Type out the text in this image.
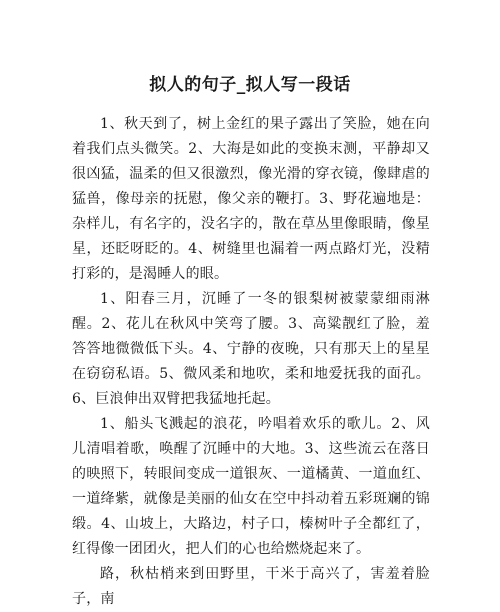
拟人的句子_拟人写一段话

1、秋天到了，树上金红的果子露出了笑脸，她在向着我们点头微笑。2、大海是如此的变换末测，平静却又很凶猛，温柔的但又很激烈，像光滑的穿衣镜，像肆虐的猛兽，像母亲的抚慰，像父亲的鞭打。3、野花遍地是：杂样儿，有名字的，没名字的，散在草丛里像眼睛，像星星，还眨呀眨的。4、树缝里也漏着一两点路灯光，没精打彩的，是渴睡人的眼。

1、阳春三月，沉睡了一冬的银梨树被蒙蒙细雨淋醒。2、花儿在秋风中笑弯了腰。3、高粱靓红了脸，羞答答地微微低下头。4、宁静的夜晚，只有那天上的星星在窃窃私语。5、微风柔和地吹，柔和地爱抚我的面孔。6、巨浪伸出双臂把我猛地托起。

1、船头飞溅起的浪花，吟唱着欢乐的歌儿。2、风儿清唱着歌，唤醒了沉睡中的大地。3、这些流云在落日的映照下，转眼间变成一道银灰、一道橘黄、一道血红、一道绛紫，就像是美丽的仙女在空中抖动着五彩斑斓的锦缎。4、山坡上，大路边，村子口，榛树叶子全都红了，红得像一团团火，把人们的心也给燃烧起来了。

路，秋枯梢来到田野里，干米于高兴了，害羞着脸子，南
